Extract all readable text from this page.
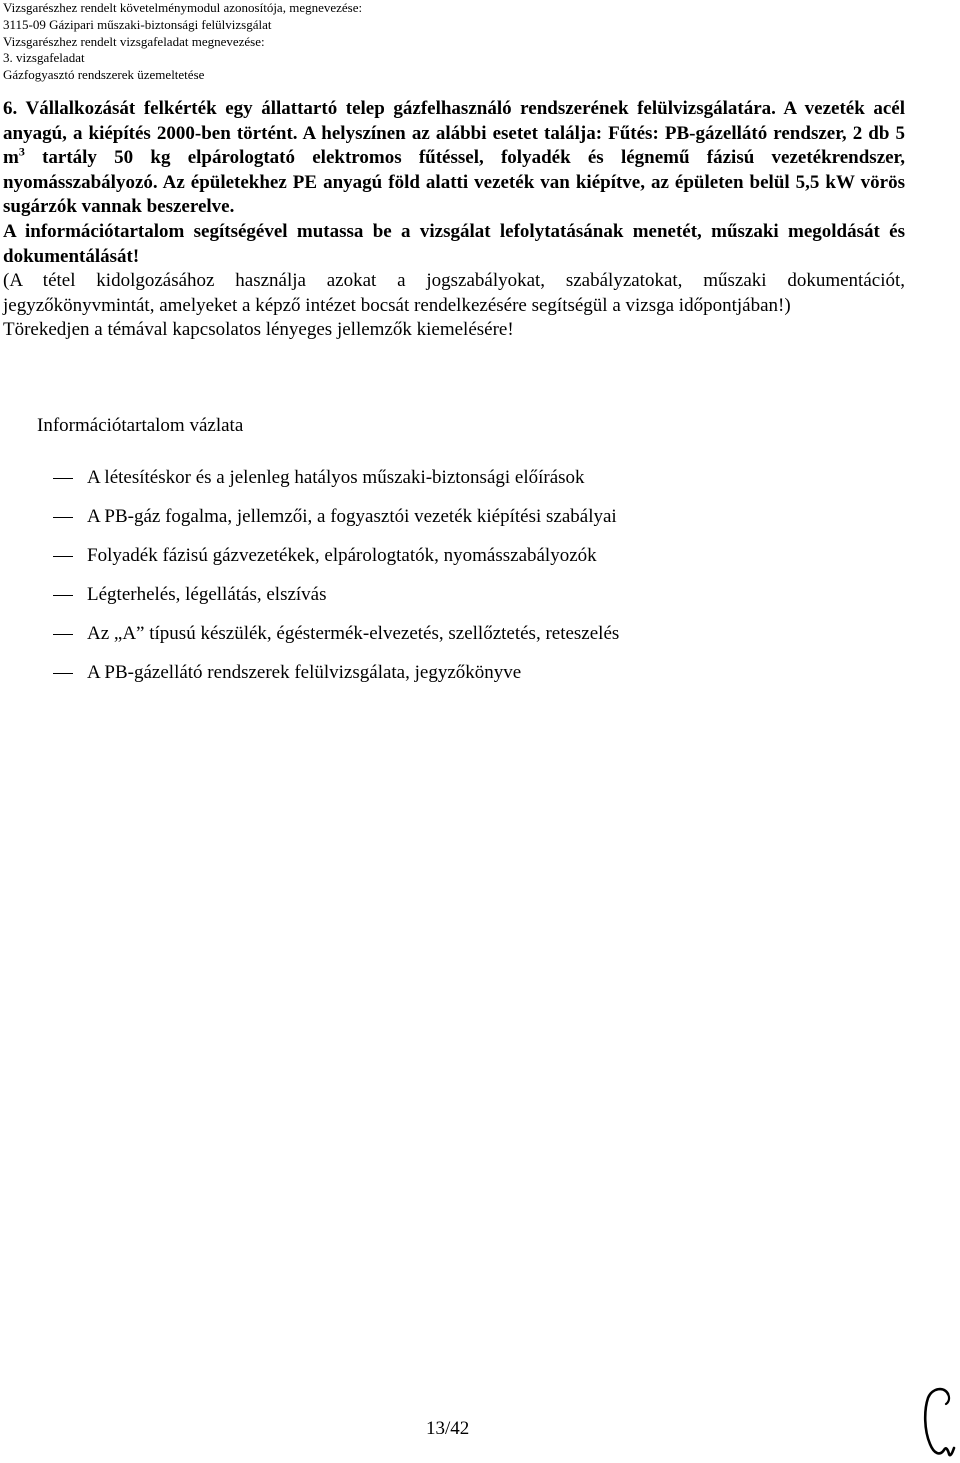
Vizsgarészhez rendelt követelménymodul azonosítója, megnevezése:
3115-09 Gázipari műszaki-biztonsági felülvizsgálat
Vizsgarészhez rendelt vizsgafeladat megnevezése:
3. vizsgafeladat
Gázfogyasztó rendszerek üzemeltetése

6. Vállalkozását felkérték egy állattartó telep gázfelhasználó rendszerének felülvizsgálatára. A vezeték acél anyagú, a kiépítés 2000-ben történt. A helyszínen az alábbi esetet találja: Fűtés: PB-gázellátó rendszer, 2 db 5 $m^3$ tartály 50 kg elpárologtató elektromos fűtéssel, folyadék és légnemű fázisú vezetékrendszer, nyomásszabályozó. Az épületekhez PE anyagú föld alatti vezeték van kiépítve, az épületen belül 5,5 kW vörös sugárzók vannak beszerelve.

A információtartalom segítségével mutassa be a vizsgálat lefolytatásának menetét, műszaki megoldását és dokumentálását!

(A tétel kidolgozásához használja azokat a jogszabályokat, szabályzatokat, műszaki dokumentációt, jegyzőkönyvmintát, amelyeket a képző intézet bocsát rendelkezésére segítségül a vizsga időpontjában!)

Törekedjen a témával kapcsolatos lényeges jellemzők kiemelésére!

Információtartalom vázlata
A létesítéskor és a jelenleg hatályos műszaki-biztonsági előírások
A PB-gáz fogalma, jellemzői, a fogyasztói vezeték kiépítési szabályai
Folyadék fázisú gázvezetékek, elpárologtatók, nyomásszabályozók
Légterhelés, légellátás, elszívás
Az „A” típusú készülék, égéstermék-elvezetés, szellőztetés, reteszelés
A PB-gázellátó rendszerek felülvizsgálata, jegyzőkönyve
13/42
